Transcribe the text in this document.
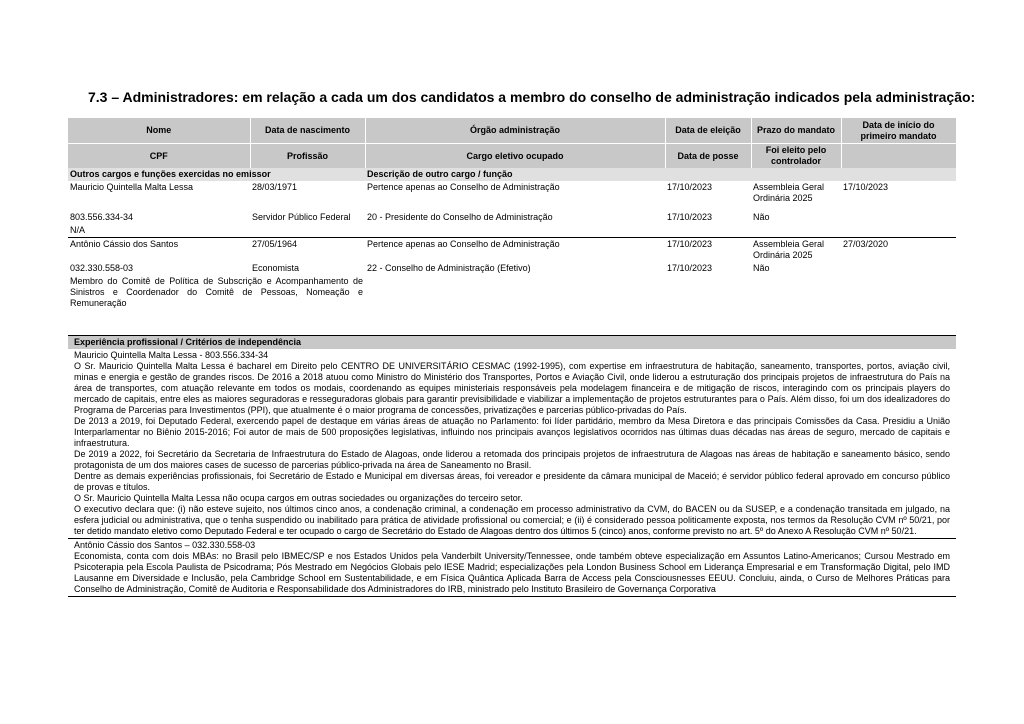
7.3 – Administradores: em relação a cada um dos candidatos a membro do conselho de administração indicados pela administração:
Nome	Data de nascimento	Órgão administração	Data de eleição	Prazo do mandato	Data de início do primeiro mandato
CPF	Profissão	Cargo eletivo ocupado	Data de posse	Foi eleito pelo controlador	
Outros cargos e funções exercidas no emissor		Descrição de outro cargo / função			
Mauricio Quintella Malta Lessa	28/03/1971	Pertence apenas ao Conselho de Administração	17/10/2023	Assembleia Geral Ordinária 2025	17/10/2023

803.556.334-34	Servidor Público Federal	20 - Presidente do Conselho de Administração	17/10/2023	Não	
N/A					
Antônio Cássio dos Santos	27/05/1964	Pertence apenas ao Conselho de Administração	17/10/2023	Assembleia Geral Ordinária 2025	27/03/2020
032.330.558-03	Economista	22 - Conselho de Administração (Efetivo)	17/10/2023	Não	
Membro do Comitê de Política de Subscrição e Acompanhamento de Sinistros e Coordenador do Comitê de Pessoas, Nomeação e Remuneração					
Experiência profissional / Critérios de independência

Mauricio Quintella Malta Lessa - 803.556.334-34

O Sr. Mauricio Quintella Malta Lessa é bacharel em Direito pelo CENTRO DE UNIVERSITÁRIO CESMAC (1992-1995), com expertise em infraestrutura de habitação, saneamento, transportes, portos, aviação civil, minas e energia e gestão de grandes riscos. De 2016 a 2018 atuou como Ministro do Ministério dos Transportes, Portos e Aviação Civil, onde liderou a estruturação dos principais projetos de infraestrutura do País na área de transportes, com atuação relevante em todos os modais, coordenando as equipes ministeriais responsáveis pela modelagem financeira e de mitigação de riscos, interagindo com os principais players do mercado de capitais, entre eles as maiores seguradoras e resseguradoras globais para garantir previsibilidade e viabilizar a implementação de projetos estruturantes para o País. Além disso, foi um dos idealizadores do Programa de Parcerias para Investimentos (PPI), que atualmente é o maior programa de concessões, privatizações e parcerias público-privadas do País.

De 2013 a 2019, foi Deputado Federal, exercendo papel de destaque em várias áreas de atuação no Parlamento: foi líder partidário, membro da Mesa Diretora e das principais Comissões da Casa. Presidiu a União Interparlamentar no Biênio 2015-2016; Foi autor de mais de 500 proposições legislativas, influindo nos principais avanços legislativos ocorridos nas últimas duas décadas nas áreas de seguro, mercado de capitais e infraestrutura.

De 2019 a 2022, foi Secretário da Secretaria de Infraestrutura do Estado de Alagoas, onde liderou a retomada dos principais projetos de infraestrutura de Alagoas nas áreas de habitação e saneamento básico, sendo protagonista de um dos maiores cases de sucesso de parcerias público-privada na área de Saneamento no Brasil.

Dentre as demais experiências profissionais, foi Secretário de Estado e Municipal em diversas áreas, foi vereador e presidente da câmara municipal de Maceió; é servidor público federal aprovado em concurso público de provas e títulos.

O Sr. Mauricio Quintella Malta Lessa não ocupa cargos em outras sociedades ou organizações do terceiro setor.

O executivo declara que: (i) não esteve sujeito, nos últimos cinco anos, a condenação criminal, a condenação em processo administrativo da CVM, do BACEN ou da SUSEP, e a condenação transitada em julgado, na esfera judicial ou administrativa, que o tenha suspendido ou inabilitado para prática de atividade profissional ou comercial; e (ii) é considerado pessoa politicamente exposta, nos termos da Resolução CVM nº 50/21, por ter detido mandato eletivo como Deputado Federal e ter ocupado o cargo de Secretário do Estado de Alagoas dentro dos últimos 5 (cinco) anos, conforme previsto no art. 5º do Anexo A Resolução CVM nº 50/21.

Antônio Cássio dos Santos – 032.330.558-03

Economista, conta com dois MBAs: no Brasil pelo IBMEC/SP e nos Estados Unidos pela Vanderbilt University/Tennessee, onde também obteve especialização em Assuntos Latino-Americanos; Cursou Mestrado em Psicoterapia pela Escola Paulista de Psicodrama; Pós Mestrado em Negócios Globais pelo IESE Madrid; especializações pela London Business School em Liderança Empresarial e em Transformação Digital, pelo IMD Lausanne em Diversidade e Inclusão, pela Cambridge School em Sustentabilidade, e em Física Quântica Aplicada Barra de Access pela Consciousnesses EEUU. Concluiu, ainda, o Curso de Melhores Práticas para Conselho de Administração, Comitê de Auditoria e Responsabilidade dos Administradores do IRB, ministrado pelo Instituto Brasileiro de Governança Corporativa
